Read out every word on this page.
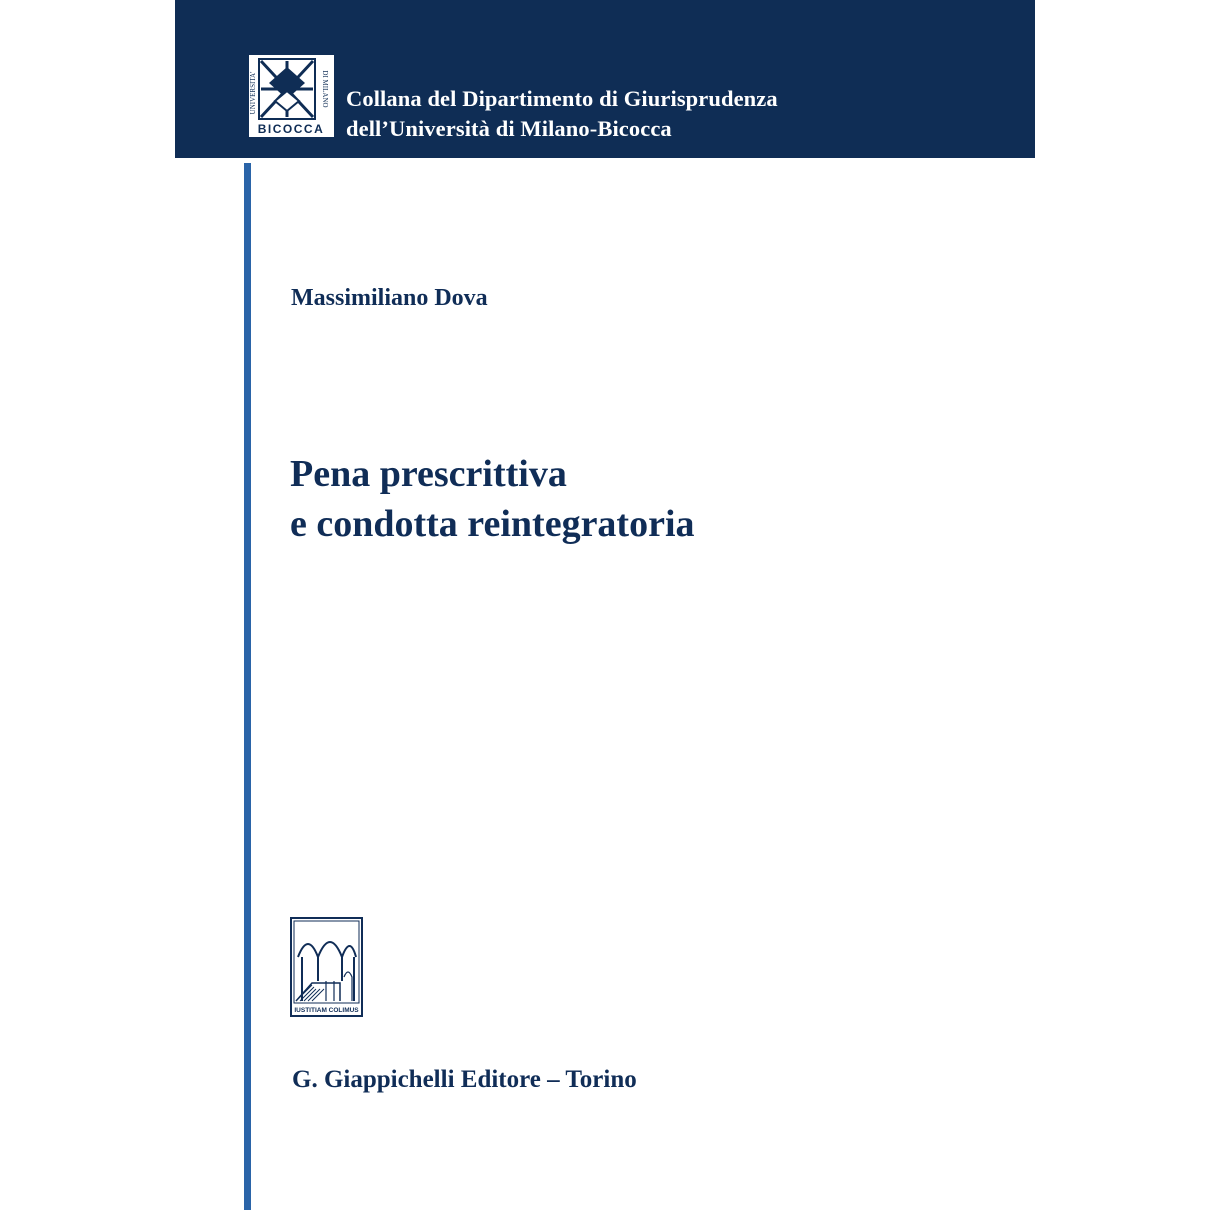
UNIVERSITA'	DI MILANO
BICOCCA
Collana del Dipartimento di Giurisprudenza
dell’Università di Milano-Bicocca
Massimiliano Dova
Pena prescrittiva
e condotta reintegratoria
IUSTITIAM COLIMUS
G. Giappichelli Editore – Torino
